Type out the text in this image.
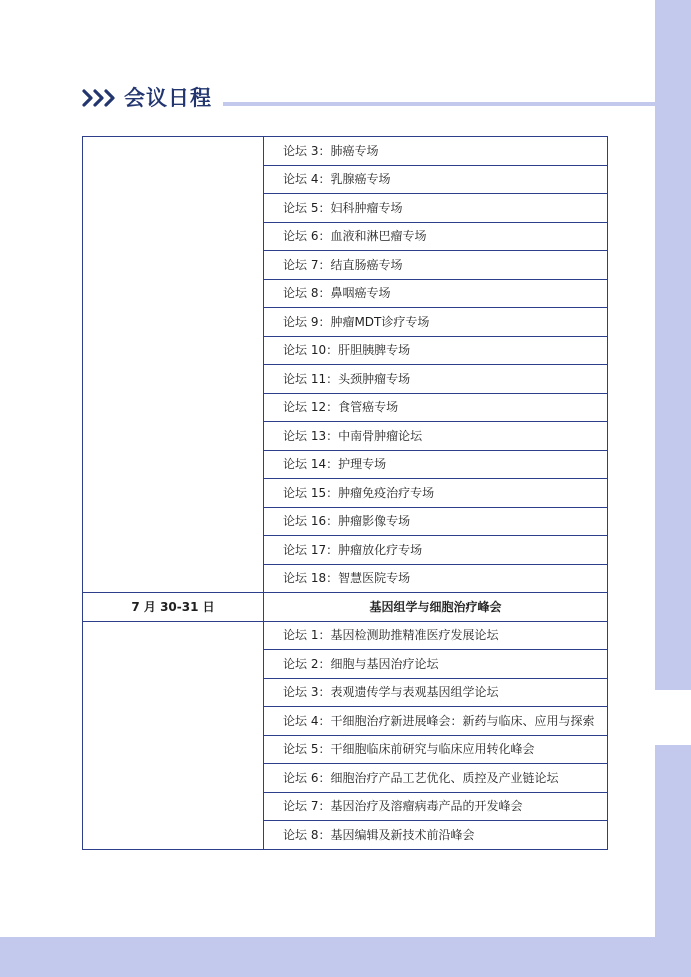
会议日程
	论坛 3：肺癌专场
	论坛 4：乳腺癌专场
	论坛 5：妇科肿瘤专场
	论坛 6：血液和淋巴瘤专场
	论坛 7：结直肠癌专场
	论坛 8：鼻咽癌专场
	论坛 9：肿瘤MDT诊疗专场
	论坛 10：肝胆胰脾专场
	论坛 11：头颈肿瘤专场
	论坛 12：食管癌专场
	论坛 13：中南骨肿瘤论坛
	论坛 14：护理专场
	论坛 15：肿瘤免疫治疗专场
	论坛 16：肿瘤影像专场
	论坛 17：肿瘤放化疗专场
	论坛 18：智慧医院专场
7 月 30-31 日	基因组学与细胞治疗峰会
	论坛 1：基因检测助推精准医疗发展论坛
	论坛 2：细胞与基因治疗论坛
	论坛 3：表观遗传学与表观基因组学论坛
	论坛 4：干细胞治疗新进展峰会：新药与临床、应用与探索
	论坛 5：干细胞临床前研究与临床应用转化峰会
	论坛 6：细胞治疗产品工艺优化、质控及产业链论坛
	论坛 7：基因治疗及溶瘤病毒产品的开发峰会
	论坛 8：基因编辑及新技术前沿峰会
